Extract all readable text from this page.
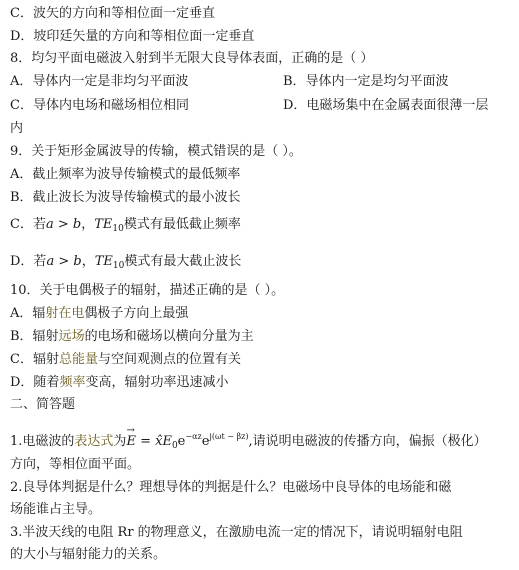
C．波矢的方向和等相位面一定垂直
D．坡印廷矢量的方向和等相位面一定垂直
8．均匀平面电磁波入射到半无限大良导体表面，正确的是（ ）
A．导体内一定是非均匀平面波	B．导体内一定是均匀平面波
C．导体内电场和磁场相位相同	D．电磁场集中在金属表面很薄一层
内
9．关于矩形金属波导的传输，模式错误的是（ ）。
A．截止频率为波导传输模式的最低频率
B．截止波长为波导传输模式的最小波长
C．若a > b，$TE_{10}$模式有最低截止频率
D．若a > b，$TE_{10}$模式有最大截止波长
10．关于电偶极子的辐射，描述正确的是（ ）。
A．辐射在电偶极子方向上最强
B．辐射远场的电场和磁场以横向分量为主
C．辐射总能量与空间观测点的位置有关
D．随着频率变高，辐射功率迅速减小
二、简答题
1.电磁波的表达式为→ $E = x̂E_0e^{-\alpha z}e^{j(\omega t - \beta z)}$,请说明电磁波的传播方向，偏振（极化）
方向，等相位面平面。
2.良导体判据是什么？理想导体的判据是什么？电磁场中良导体的电场能和磁
场能谁占主导。
3.半波天线的电阻 Rr 的物理意义，在激励电流一定的情况下，请说明辐射电阻
的大小与辐射能力的关系。
